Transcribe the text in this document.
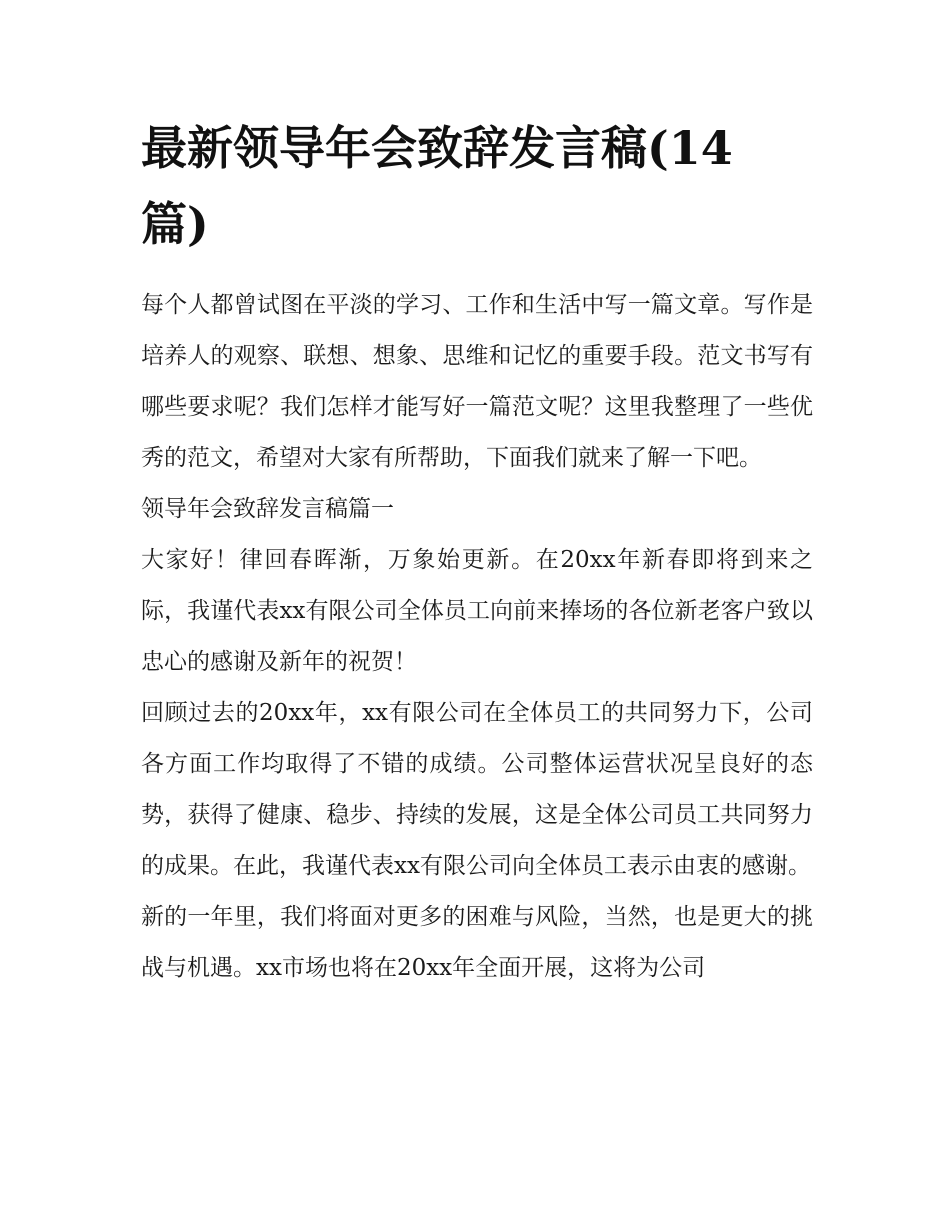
最新领导年会致辞发言稿(14篇)

每个人都曾试图在平淡的学习、工作和生活中写一篇文章。写作是培养人的观察、联想、想象、思维和记忆的重要手段。范文书写有哪些要求呢？我们怎样才能写好一篇范文呢？这里我整理了一些优秀的范文，希望对大家有所帮助，下面我们就来了解一下吧。

领导年会致辞发言稿篇一

大家好！律回春晖渐，万象始更新。在20xx年新春即将到来之际，我谨代表xx有限公司全体员工向前来捧场的各位新老客户致以忠心的感谢及新年的祝贺！

回顾过去的20xx年，xx有限公司在全体员工的共同努力下，公司各方面工作均取得了不错的成绩。公司整体运营状况呈良好的态势，获得了健康、稳步、持续的发展，这是全体公司员工共同努力的成果。在此，我谨代表xx有限公司向全体员工表示由衷的感谢。

新的一年里，我们将面对更多的困难与风险，当然，也是更大的挑战与机遇。xx市场也将在20xx年全面开展，这将为公司
